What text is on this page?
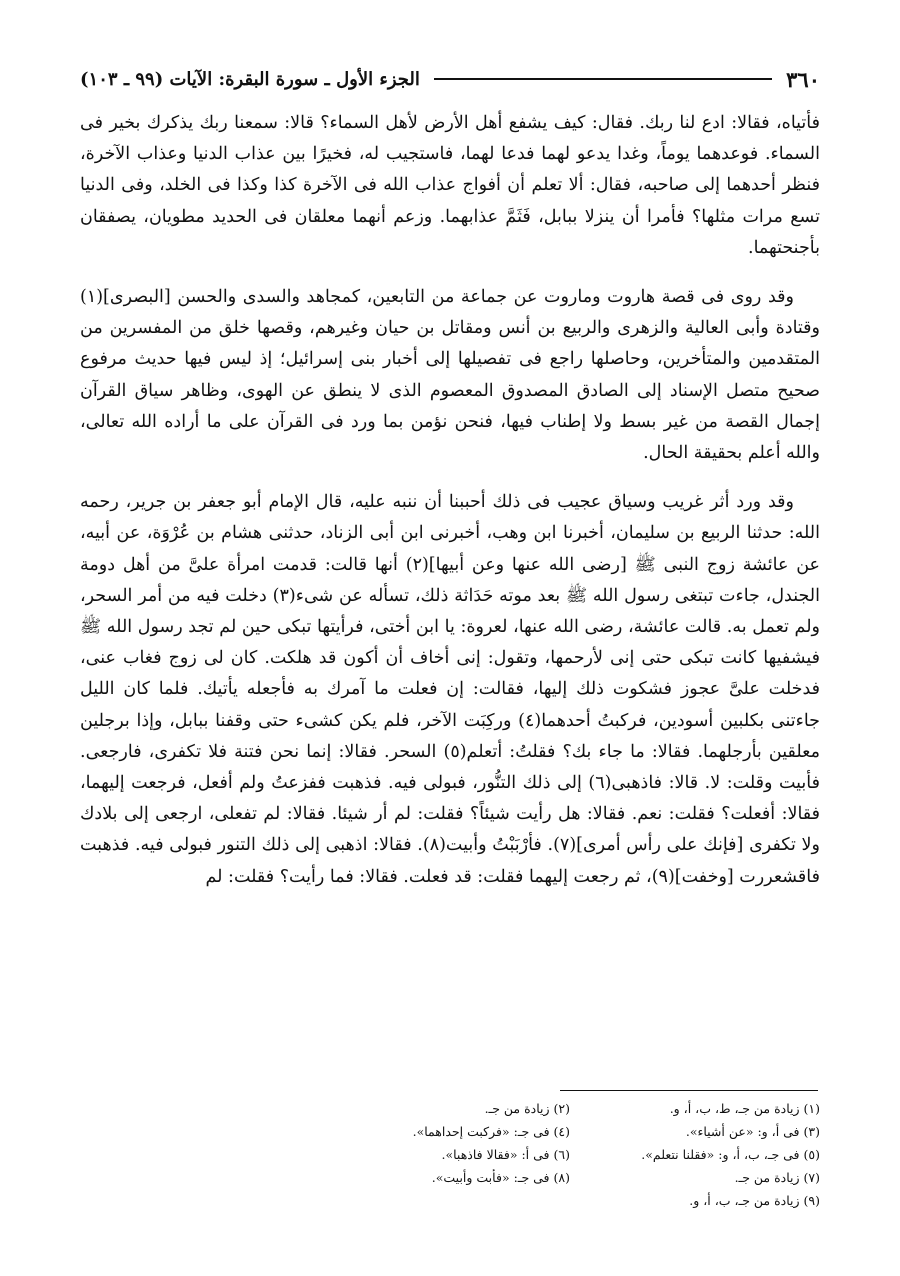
٣٦٠
الجزء الأول ـ سورة البقرة: الآيات (٩٩ ـ ١٠٣)

فأتياه، فقالا: ادع لنا ربك. فقال: كيف يشفع أهل الأرض لأهل السماء؟ قالا: سمعنا ربك يذكرك بخير فى السماء. فوعدهما يوماً، وغدا يدعو لهما فدعا لهما، فاستجيب له، فخيرًا بين عذاب الدنيا وعذاب الآخرة، فنظر أحدهما إلى صاحبه، فقال: ألا تعلم أن أفواج عذاب الله فى الآخرة كذا وكذا فى الخلد، وفى الدنيا تسع مرات مثلها؟ فأمرا أن ينزلا ببابل، فَثَمَّ عذابهما. وزعم أنهما معلقان فى الحديد مطويان، يصفقان بأجنحتهما.

وقد روى فى قصة هاروت وماروت عن جماعة من التابعين، كمجاهد والسدى والحسن [البصرى](١) وقتادة وأبى العالية والزهرى والربيع بن أنس ومقاتل بن حيان وغيرهم، وقصها خلق من المفسرين من المتقدمين والمتأخرين، وحاصلها راجع فى تفصيلها إلى أخبار بنى إسرائيل؛ إذ ليس فيها حديث مرفوع صحيح متصل الإسناد إلى الصادق المصدوق المعصوم الذى لا ينطق عن الهوى، وظاهر سياق القرآن إجمال القصة من غير بسط ولا إطناب فيها، فنحن نؤمن بما ورد فى القرآن على ما أراده الله تعالى، والله أعلم بحقيقة الحال.

وقد ورد أثر غريب وسياق عجيب فى ذلك أحببنا أن ننبه عليه، قال الإمام أبو جعفر بن جرير، رحمه الله: حدثنا الربيع بن سليمان، أخبرنا ابن وهب، أخبرنى ابن أبى الزناد، حدثنى هشام بن عُرْوَة، عن أبيه، عن عائشة زوج النبى ﷺ [رضى الله عنها وعن أبيها](٢) أنها قالت: قدمت امرأة علىَّ من أهل دومة الجندل، جاءت تبتغى رسول الله ﷺ بعد موته حَدَاثة ذلك، تسأله عن شىء(٣) دخلت فيه من أمر السحر، ولم تعمل به. قالت عائشة، رضى الله عنها، لعروة: يا ابن أختى، فرأيتها تبكى حين لم تجد رسول الله ﷺ فيشفيها كانت تبكى حتى إنى لأرحمها، وتقول: إنى أخاف أن أكون قد هلكت. كان لى زوج فغاب عنى، فدخلت علىَّ عجوز فشكوت ذلك إليها، فقالت: إن فعلت ما آمرك به فأجعله يأتيك. فلما كان الليل جاءتنى بكلبين أسودين، فركبتُ أحدهما(٤) وركِبَت الآخر، فلم يكن كشىء حتى وقفنا ببابل، وإذا برجلين معلقين بأرجلهما. فقالا: ما جاء بك؟ فقلتُ: أتعلم(٥) السحر. فقالا: إنما نحن فتنة فلا تكفرى، فارجعى. فأبيت وقلت: لا. قالا: فاذهبى(٦) إلى ذلك التنُّور، فبولى فيه. فذهبت ففزعتُ ولم أفعل، فرجعت إليهما، فقالا: أفعلت؟ فقلت: نعم. فقالا: هل رأيت شيئاً؟ فقلت: لم أر شيئا. فقالا: لم تفعلى، ارجعى إلى بلادك ولا تكفرى [فإنك على رأس أمرى](٧). فأرْبَبْتُ وأبيت(٨). فقالا: اذهبى إلى ذلك التنور فبولى فيه. فذهبت فاقشعررت [وخفت](٩)، ثم رجعت إليهما فقلت: قد فعلت. فقالا: فما رأيت؟ فقلت: لم

(١) زيادة من جـ، ط، ب، أ، و.
(٢) زيادة من جـ.
(٣) فى أ، و: «عن أشياء».
(٤) فى جـ: «فركبت إحداهما».
(٥) فى جـ، ب، أ، و: «فقلنا نتعلم».
(٦) فى أ: «فقالا فاذهبا».
(٧) زيادة من جـ.
(٨) فى جـ: «فأبت وأبيت».
(٩) زيادة من جـ، ب، أ، و.
